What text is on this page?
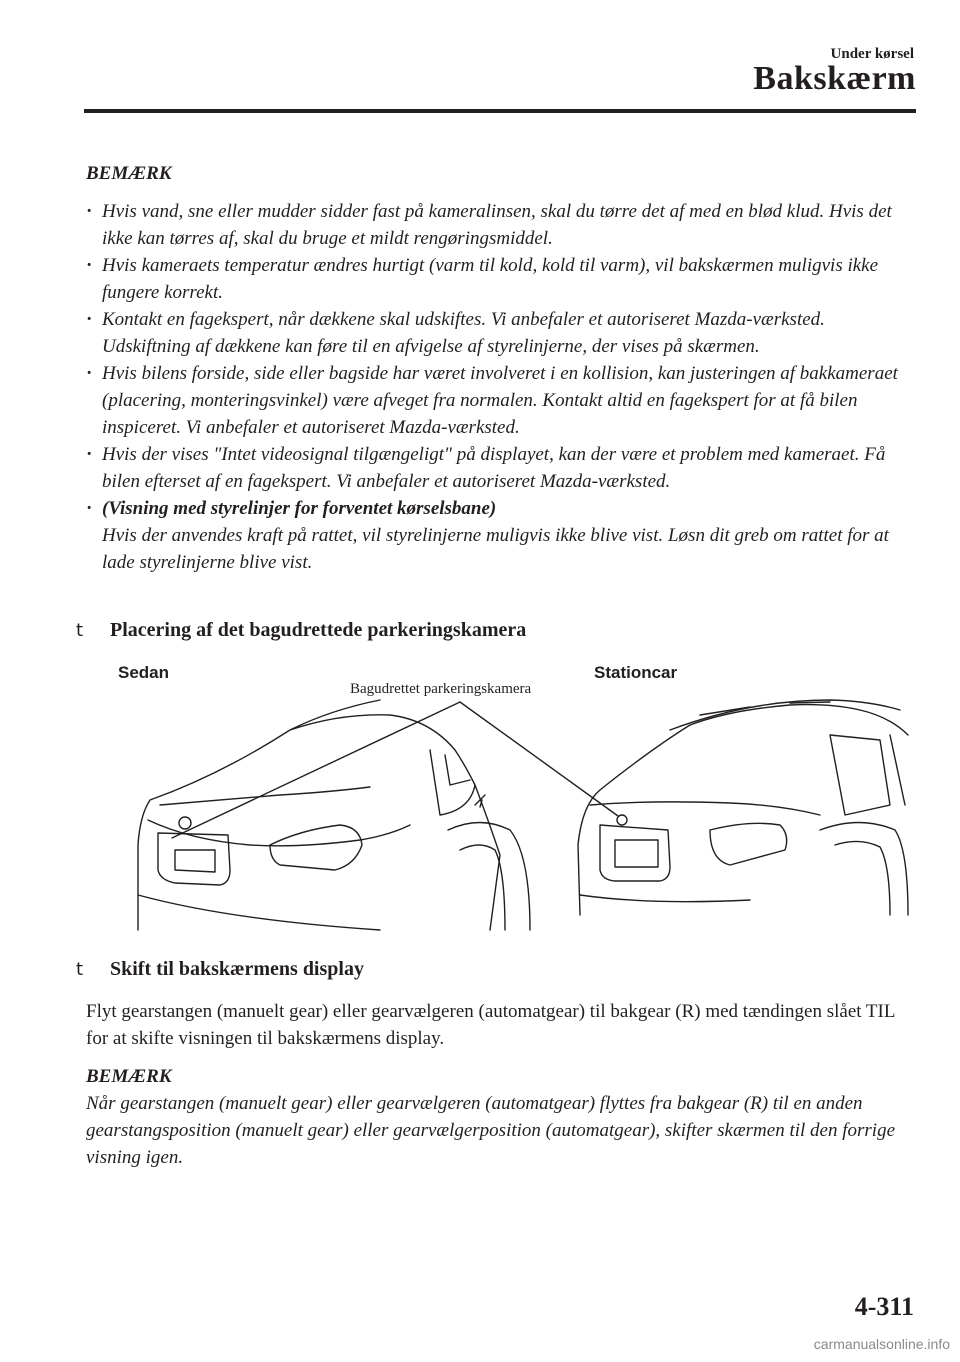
Under kørsel
Bakskærm
BEMÆRK
· Hvis vand, sne eller mudder sidder fast på kameralinsen, skal du tørre det af med en blød klud. Hvis det ikke kan tørres af, skal du bruge et mildt rengøringsmiddel.
· Hvis kameraets temperatur ændres hurtigt (varm til kold, kold til varm), vil bakskærmen muligvis ikke fungere korrekt.
· Kontakt en fagekspert, når dækkene skal udskiftes. Vi anbefaler et autoriseret Mazda-værksted. Udskiftning af dækkene kan føre til en afvigelse af styrelinjerne, der vises på skærmen.
· Hvis bilens forside, side eller bagside har været involveret i en kollision, kan justeringen af bakkameraet (placering, monteringsvinkel) være afveget fra normalen. Kontakt altid en fagekspert for at få bilen inspiceret. Vi anbefaler et autoriseret Mazda-værksted.
· Hvis der vises "Intet videosignal tilgængeligt" på displayet, kan der være et problem med kameraet. Få bilen efterset af en fagekspert. Vi anbefaler et autoriseret Mazda-værksted.
· (Visning med styrelinjer for forventet kørselsbane)
Hvis der anvendes kraft på rattet, vil styrelinjerne muligvis ikke blive vist. Løsn dit greb om rattet for at lade styrelinjerne blive vist.
t Placering af det bagudrettede parkeringskamera
Sedan	Stationcar
Bagudrettet parkeringskamera
t Skift til bakskærmens display

Flyt gearstangen (manuelt gear) eller gearvælgeren (automatgear) til bakgear (R) med tændingen slået TIL for at skifte visningen til bakskærmens display.

BEMÆRK

Når gearstangen (manuelt gear) eller gearvælgeren (automatgear) flyttes fra bakgear (R) til en anden gearstangsposition (manuelt gear) eller gearvælgerposition (automatgear), skifter skærmen til den forrige visning igen.

4-311
carmanualsonline.info
